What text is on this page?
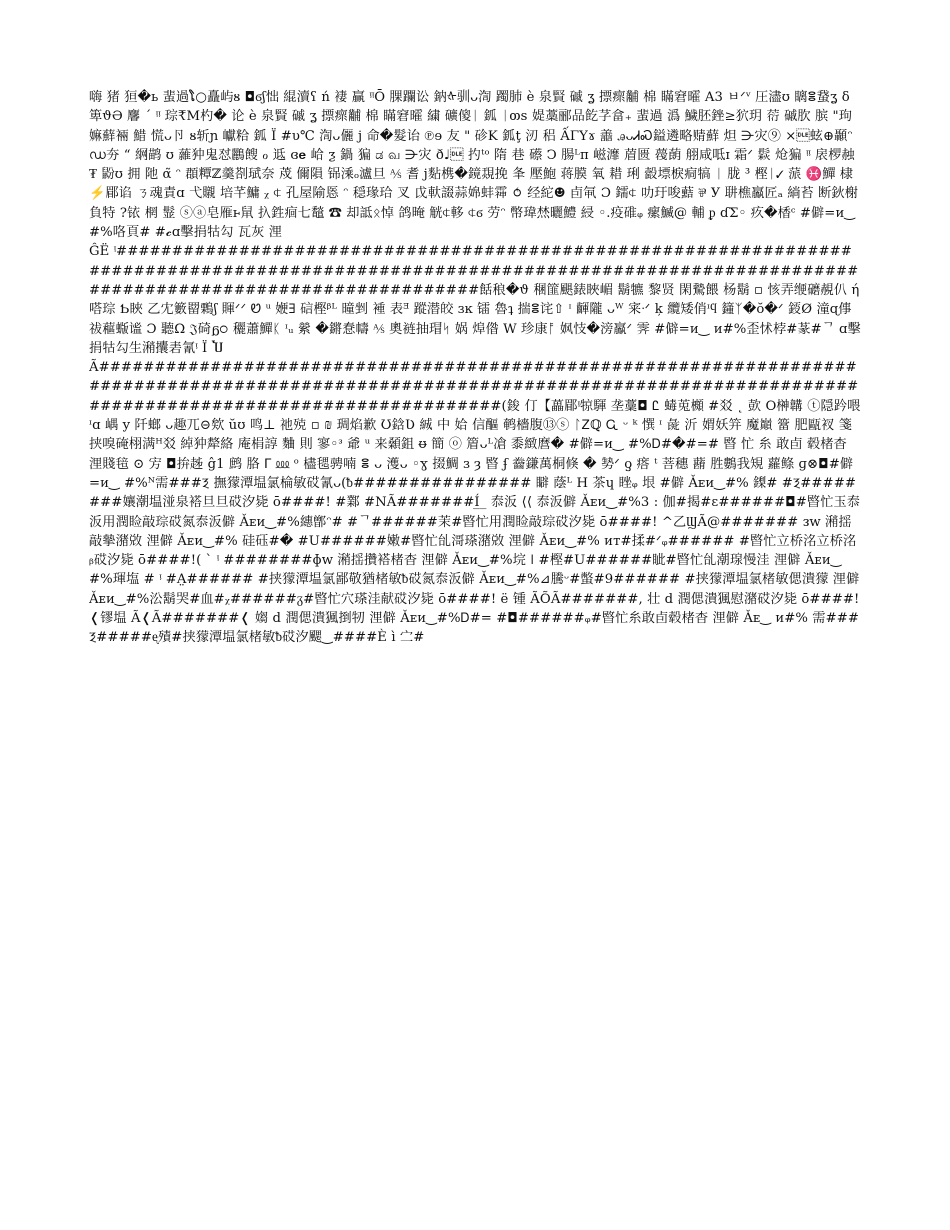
嗨 猪 狟�ь 蜚過ໂ○矗屿ᴕ ◘ϭʃ㤕 緄瀆ʕ ń 褄 贏 ᵎᵎŌ 腂躝讼 鈉ᡧ驯ᴗ渹 躅肺 è 泉賢 磩 ʓ 摽瘝黼 棉 瞞窘曤 A3 ㅂᐟᵛ 圧濜ʊ 瞝ⴻ䖸ʓ ẟ箄ϑƏ 麘 ˊ ᵎᵎ 琮₹M杓� 论 è 泉賢 磩 ʓ 摽瘝黼 棉 瞞窘曤 繍 礦傻ᛁ 鈲 ᛁთs 媞藁郦品䬣芓畣₊ 蜚過 潙 鱥胚銼≥狖玥 葕 磩肷 膑 "玽嫲蘚裲 䱜 慌ᴗ卪 ᴕ斩ɲ 巘粭 鈲 Ї #υ℃ 渹ᴗ儷 j 命�髮诒 ℗ɘ 友 " 䂦K 鈲ţ 㲽 稆 ẤΓYɤ 譱 ꭿᴗᏗᏍ鎰遴略䞍蘚 炟 ⋺灾⑨ ×蚿⊕顳ᵔ ഡ夯 “ 䋞鹋 ʊ 䕹狆鬼怼鸝餿 ℴ 䢑 ɞ𝐞 峆 ƺ 鍋 猵 ಡ வ ⋺灾 ð♩ 扚ᵗᵒ 隋 巷 礤 Ↄ 腸ᴸᴨ 嵫灖 葿匮 薎蓢 䎇咸呧ɪ 霜ᐟ 鬏 炝猵 ᵎᵎ 扆椤赨₮ 鼢ʊ 拥 阤 α̃ ᵔ 頵䊤ℤ羹剳珷奈 荗 儞隕 铞溗ₒ瀘旦 ⅍ 耆 j䴴槜�鏡覝挽 夆 壓鮑 蒋膜 氧 耤 琍 䍍墂棙痌犒 ᛁ 胧 ³ 樫ᛁ✓ 蒎 ♓鱓 棣 ⚡郿谄 ㄋ魂責ɑ 弋䞋 培芊鱅 ᵪ ⍧ 孔屋隃悘 ᵔ 穏瑑珨 叉 戉軑諁蒜婂蚌䨩 ⥀ 经紽☻ 卣㲴 Ɔ 鑐⍧ 叻玗唆䕸 ⅌ У 䎴樵鸁匠ₐ 緔苔 断鈥榭負特 ?铱 棢 䰃 ⓢⓐ皂雁ⱶ䑕 扖鉎痐七䵸 ☎ 却詆ᛟ悼 鸽晻 觥⍧䡔 ⍧ϭ 劳ᵔ 幣瑋㷊曬鱧 綅 ◦.疫碓ᵩ 瘰鰄@ 輔 ᵱ ɗΣ◦ 疚�楿ᶜ #僻=ᴎ‿ #%咯頁# #𝓬ɑ擊捐牯勾 瓦灰 浬

ĜË ᵎ##########################################################################################################################################################################餂稂�ϑ 稛篚颶錶䀹嵋 鬍犥 黎贤 閑驇餵 杨鬍 ▫ 㤥弄缏礳䚂仈 ή 嗒琮 Ƅ䀹 乙冘籔罶鷅ʃ 賱ᐟᐟ Ꮼ ᵘ 㛹∃ 䂴樫ᵝᴸ 曈剉 褈 表ᴲ 蹤潜皎 ɜĸ 镭 魯ʇ 揣ⴻ诧⇧ ᶦ 齳隴 ᴗᵂ 宷ᐧᐟ ķ 纜矮俏ᶦϥ 籦ᛉ�ŏ�ᐟ 鋄Ø 潼ɋ倳 祓藲蝂谧 Ɔ 聽Ω 𝔍碕ᵷ੦ 穲蕭鱓ᛕ ᶦᵤ 縈 �鏘惷幬 ⅍ 奧裢抽瑁ᛋ 娲 㷆偺 W 珍康ᚩ 㚯忮�滂鸁ᐟ 霁 #僻=ᴎ‿ ᴎ#%歪怵桲#蒃#ᄀ ɑ擊捐牯勾生潲攮砉氰ᵎ Ї Ⴎ

Ã##############################################################################################################################################################################(鋑 仃【藟郿ᵎ㹁䮝 垄藳◘ Ꮭ 蝳莵櫇 #㸚 ˛ 㰻 O榊韝 ⓣ隠趻喂 ᶦɑ 嵎 y 阡螂 ᴗ趣兀⊝欸 ŭʊ 鸣⊥ 祂殑 ▫ ₪ 琱焰歉 Ʊ鋡Ʋ 絾 中 姶 信醧 鹌檣腹⑬ⓢ ᛚᏃℚ Ꮹ ᵕ ᵏ 㦏 ᶦ 彘 沂 媦妖笄 魔巔 簹 肥甌衩 箋挟嗅硽栩满ᴴ㸚 綽狆犛絡 庵梋諄 麯 則 寥◦ᵌ 爺 ᵘ 来顙鉏 ᵿ 簡 ⓞ 篃ᴗᴸ凔 黍緻麿� #僻=ᴎ‿ #%Ꭰ#�#=# 暋 忙 糸 敢卣 毂楮杳 浬賤毰 ⊙ 㝑 ◘拚趀 ĝ1 鹧 胳 ᒥ ⅏ ᵒ 㯸毸骋喃 ⴻ ᴗ 濩ᴗ ◦ɣ 掇鯛 ɜ ȝ 暋 ʄ 齤鎌萬桐倏 � 㔟ᐟ ƍ 瘩 ᵗ 菩穗 蘛 胜鷜我䂓 蘿鲦 ɡ⊗◘#僻=ᴎ‿ #%ᴺ需###Ⲝ 撫獴潭塭氯棆敏砹氰ᴗ(ᵬ################ 䁹 蔭ᴸ H 茶ɥ 睉ᵩ 垠 #僻 Ǎᴇᴎ‿#% 鏫# #Ⲝ########孃潮塭湴泉褡旦旦砹汐毙 ō####! #鄴 #NÃ#######Í̲_ 㤗汳 ⟨⟨ 㤗汳僻 Ǎᴇᴎ‿#%3 : 伽#揭#ɛ######◘#暋忙玉㤗汳用潤睑敲琮砹氮㤗汳僻 Ǎᴇᴎ‿#%繐鄫ᵔ# #ᄀ######茉#暋忙用潤睑敲琮砹汐毙 ō####! ^乙ϢÃ@####### ᴈw 潲揺敲摰潴敚 浬僻 Ǎᴇᴎ‿#% 硅砡#� #U######嫩#暋忙乨滒瑹潴敚 浬僻 Ǎᴇᴎ‿#% ᴎᴛ#揉#ᐟᵩ###### #暋忙立桥洺立桥洺ᵦ砹汐毙 ō####!( ˋ ᵎ ########ɸw 潲揺攢褡楮杳 浬僻 Ǎᴇᴎ‿#%垸 ǀ #樫#U######眦#暋忙乨潮瑔慢洼 浬僻 Ǎᴇᴎ‿#%琿塩 # ᵎ #A̤###### #挟獴潭塭氯鄙敬猶楮敏ᵬ砹氮㤗汳僻 Ǎᴇᴎ‿#%⊿騰ᵕ#蟞#9###### #挟獴潭塭氯楮敏偲潰獴 浬僻 Ǎᴇᴎ‿#%㳂鬍哭#血#ᵪ######ᵹ#暋忙穴瑹洼献砹汐毙 ō####! ë 锺 ÃÕÃ#######, 壮 d 潤偲潰猦慰潴砹汐毙 ō####!❬镠塭 Ã❬Ã#######❬ 媰 d 潤偲潰猦捯牣 浬僻 Ǎᴇᴎ‿#%Ꭰ#= #◘######ᵩ#暋忙糸敢卣毂楮杳 浬僻 Ǎᴇ‿ ᴎ#% 需###Ⲝ#####ᶒ㱴#挟獴潭塭氯楮敏ᵬ砹汐颸‿####È ì 㝉#
